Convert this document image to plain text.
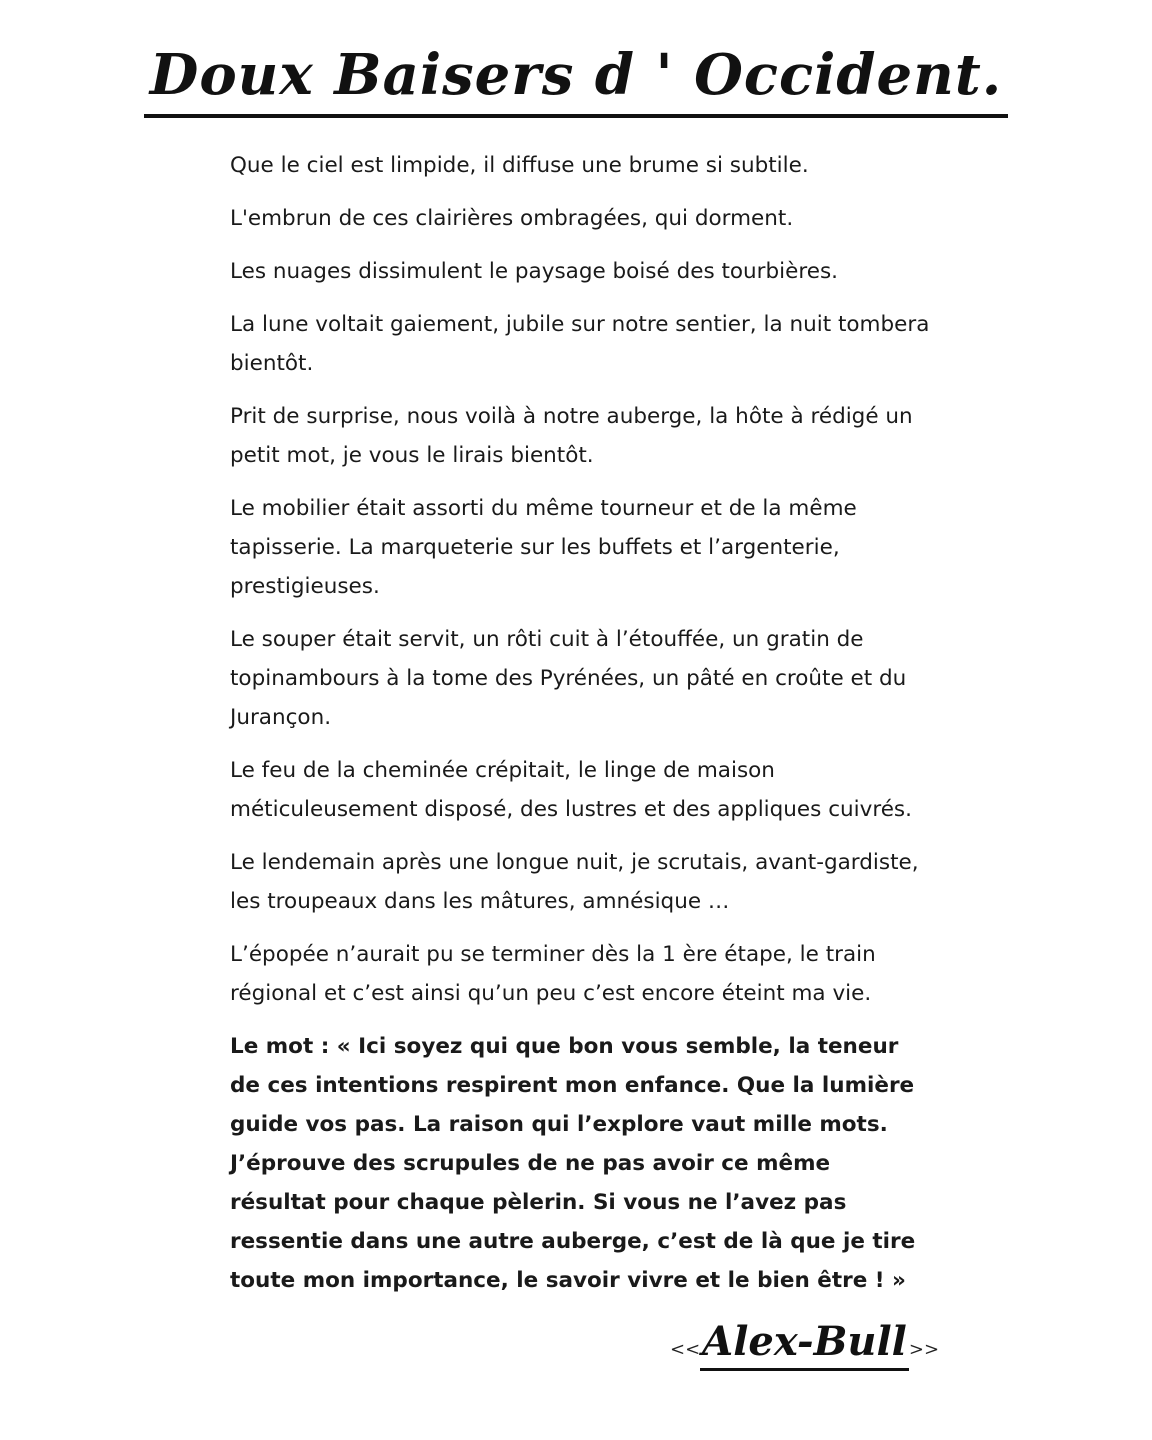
Doux Baisers d ' Occident.

Que le ciel est limpide, il diffuse une brume si subtile.

L'embrun de ces clairières ombragées, qui dorment.

Les nuages dissimulent le paysage boisé des tourbières.

La lune voltait gaiement, jubile sur notre sentier, la nuit tombera bientôt.

Prit de surprise, nous voilà à notre auberge, la hôte à rédigé un petit mot, je vous le lirais bientôt.

Le mobilier était assorti du même tourneur et de la même tapisserie. La marqueterie sur les buffets et l’argenterie, prestigieuses.

Le souper était servit, un rôti cuit à l’étouffée, un gratin de topinambours à la tome des Pyrénées, un pâté en croûte et du Jurançon.

Le feu de la cheminée crépitait, le linge de maison méticuleusement disposé, des lustres et des appliques cuivrés.

Le lendemain après une longue nuit, je scrutais, avant-gardiste, les troupeaux dans les mâtures, amnésique …

L’épopée n’aurait pu se terminer dès la 1 ère étape, le train régional et c’est ainsi qu’un peu c’est encore éteint ma vie.

Le mot : « Ici soyez qui que bon vous semble, la teneur de ces intentions respirent mon enfance. Que la lumière guide vos pas. La raison qui l’explore vaut mille mots. J’éprouve des scrupules de ne pas avoir ce même résultat pour chaque pèlerin. Si vous ne l’avez pas ressentie dans une autre auberge, c’est de là que je tire toute mon importance, le savoir vivre et le bien être ! »

<<Alex-Bull >>
